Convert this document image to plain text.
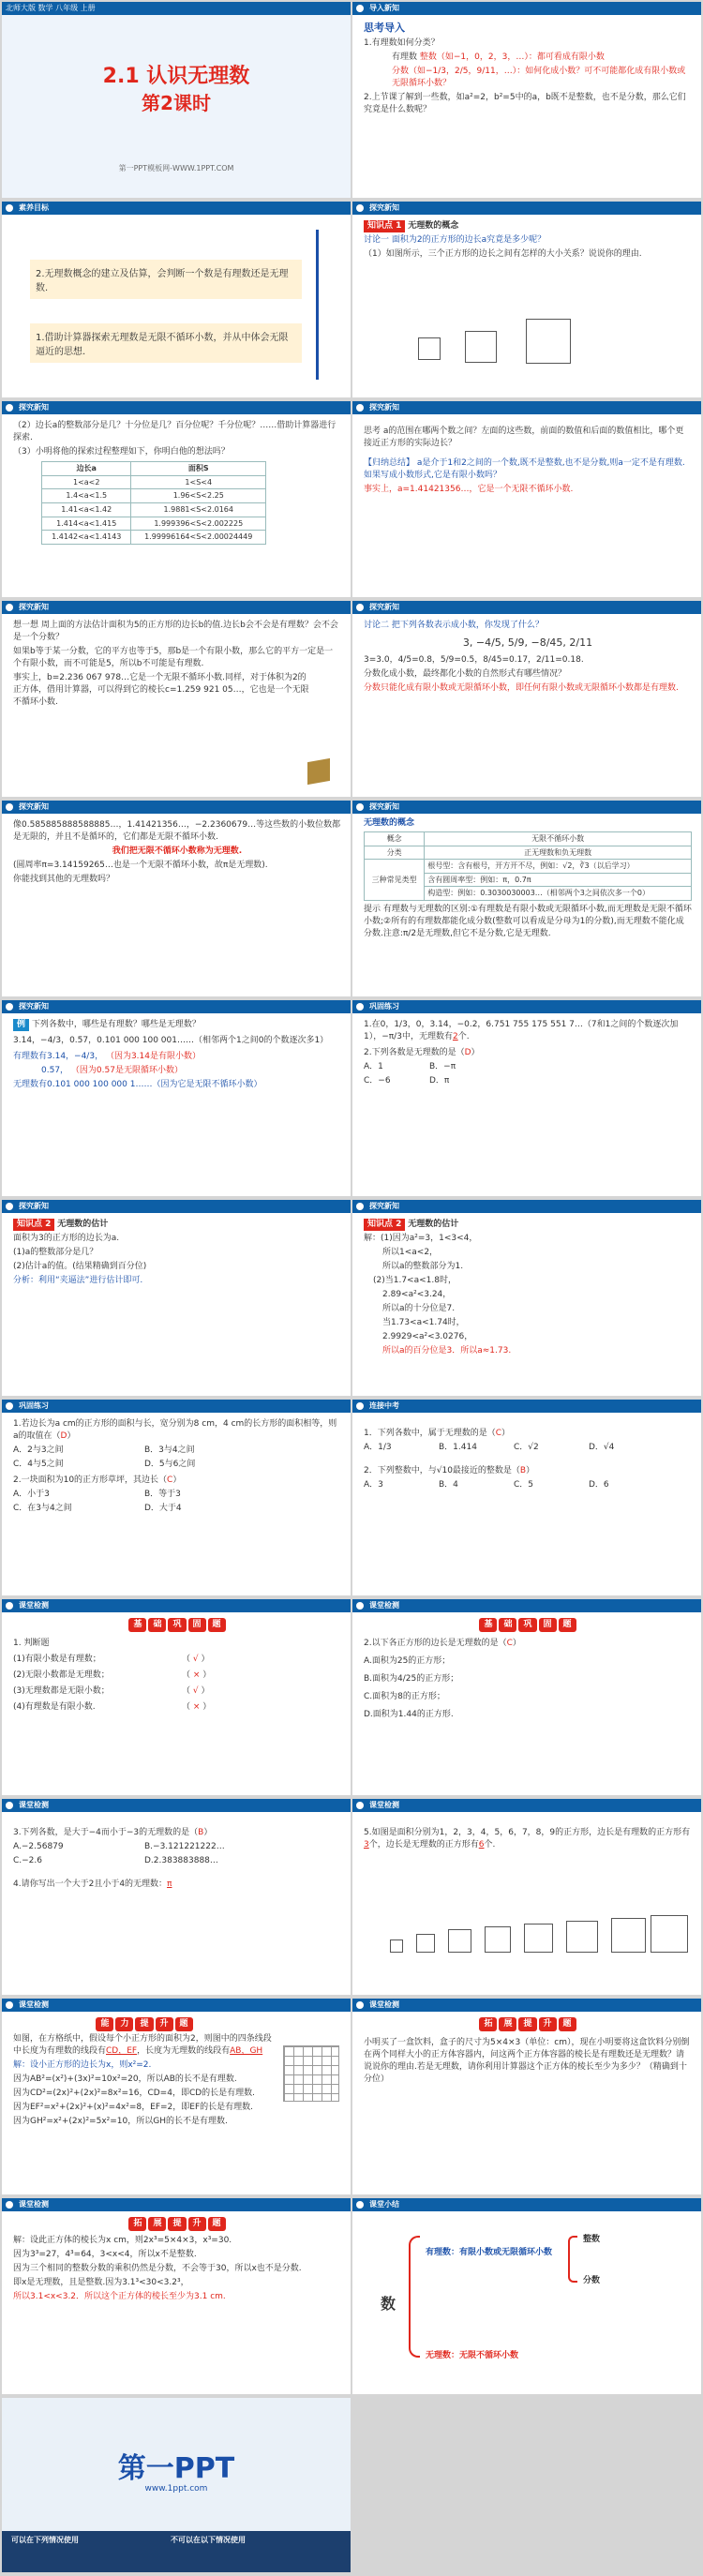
北师大版 数学 八年级 上册
2.1 认识无理数
第2课时
第一PPT模板网-WWW.1PPT.COM
导入新知

思考导入

1.有理数如何分类？

有理数 整数（如−1，0，2，3，…）：都可看成有限小数

分数（如−1/3，2/5，9/11，…）：如何化成小数？可不可能都化成有限小数或无限循环小数？

2.上节课了解到一些数，如a²=2，b²=5中的a，b既不是整数，也不是分数，那么它们究竟是什么数呢？

素养目标
2.无理数概念的建立及估算，会判断一个数是有理数还是无理数.
1.借助计算器探索无理数是无限不循环小数，并从中体会无限逼近的思想.
探究新知

知识点 1 无理数的概念

讨论一 面积为2的正方形的边长a究竟是多少呢？

（1）如图所示，三个正方形的边长之间有怎样的大小关系？说说你的理由.

探究新知

（2）边长a的整数部分是几？十分位是几？百分位呢？千分位呢？……借助计算器进行探索.

（3）小明将他的探索过程整理如下，你明白他的想法吗？

边长a	面积S
1<a<2	1<S<4
1.4<a<1.5	1.96<S<2.25
1.41<a<1.42	1.9881<S<2.0164
1.414<a<1.415	1.999396<S<2.002225
1.4142<a<1.4143	1.99996164<S<2.00024449
探究新知

思考 a的范围在哪两个数之间？左面的这些数，前面的数值和后面的数值相比，哪个更接近正方形的实际边长？

【归纳总结】 a是介于1和2之间的一个数,既不是整数,也不是分数,则a一定不是有理数.如果写成小数形式,它是有限小数吗？

事实上，a=1.41421356…，它是一个无限不循环小数.

探究新知

想一想 周上面的方法估计面积为5的正方形的边长b的值.边长b会不会是有理数？会不会是一个分数？

如果b等于某一分数，它的平方也等于5，那b是一个有限小数，那么它的平方一定是一个有限小数，而不可能是5，所以b不可能是有理数.

事实上，b=2.236 067 978…它是一个无限不循环小数.同样，对于体积为2的正方体，借用计算器，可以得到它的棱长c=1.259 921 05…，它也是一个无限不循环小数.

探究新知

讨论二 把下列各数表示成小数，你发现了什么？

3, −4/5, 5/9, −8/45, 2/11

3=3.0，4/5=0.8，5/9=0.5，8/45=0.17，2/11=0.18.

分数化成小数，最终都化小数的自然形式有哪些情况？

分数只能化成有限小数或无限循环小数，即任何有限小数或无限循环小数都是有理数.

探究新知

像0.585885888588885…，1.41421356…，−2.2360679…等这些数的小数位数都是无限的，并且不是循环的，它们都是无限不循环小数.

我们把无限不循环小数称为无理数.

(圆周率π=3.14159265…也是一个无限不循环小数，故π是无理数).

你能找到其他的无理数吗？

探究新知

无理数的概念

概念	无限不循环小数
分类	正无理数和负无理数
三种常见类型	根号型：含有根号，开方开不尽，例如：√2，∛3（以后学习）
	含有圆周率型：例如：π，0.7π
	构造型：例如：0.3030030003…（相邻两个3之间依次多一个0）

提示 有理数与无理数的区别:①有理数是有限小数或无限循环小数,而无理数是无限不循环小数;②所有的有理数都能化成分数(整数可以看成是分母为1的分数),而无理数不能化成分数.注意:π/2是无理数,但它不是分数,它是无理数.

探究新知

例 下列各数中，哪些是有理数？哪些是无理数？

3.14，−4/3，0.5̄7，0.101 000 100 001……（相邻两个1之间0的个数逐次多1）

有理数有3.14，−4/3， （因为3.14是有限小数）

0.5̄7， （因为0.57是无限循环小数）

无理数有0.101 000 100 000 1……（因为它是无限不循环小数）

巩固练习

1.在0，1/3，0，3.14，−0.2，6.751 755 175 551 7…（7和1之间的个数逐次加1），−π/3中，无理数有2个.

2.下列各数是无理数的是（D）

A．1	B．−π

C．−6	D．π

探究新知

知识点 2 无理数的估计

面积为3的正方形的边长为a.

(1)a的整数部分是几？

(2)估计a的值。(结果精确到百分位)

分析：利用“夹逼法”进行估计即可.

探究新知

知识点 2 无理数的估计

解：(1)因为a²=3，1<3<4，

所以1<a<2，

所以a的整数部分为1.

(2)当1.7<a<1.8时，

2.89<a²<3.24，

所以a的十分位是7.

当1.73<a<1.74时，

2.9929<a²<3.0276，

所以a的百分位是3．所以a≈1.73.

巩固练习

1.若边长为a cm的正方形的面积与长，宽分别为8 cm，4 cm的长方形的面积相等，则a的取值在（D）

A．2与3之间	B．3与4之间

C．4与5之间	D．5与6之间

2.一块面积为10的正方形草坪，其边长（C）

A．小于3	B．等于3

C．在3与4之间	D．大于4

连接中考

1．下列各数中，属于无理数的是（C）

A．1/3	B．1.414	C．√2	D．√4

2．下列整数中，与√10最接近的整数是（B）

A．3	B．4	C．5	D．6

课堂检测

基 础 巩 固 题

1. 判断题

(1)有限小数是有理数；	（ √ ）

(2)无限小数都是无理数；	（ × ）

(3)无理数都是无限小数；	（ √ ）

(4)有理数是有限小数.	（ × ）

课堂检测

基 础 巩 固 题

2.以下各正方形的边长是无理数的是（C）

A.面积为25的正方形；

B.面积为4/25的正方形；

C.面积为8的正方形；

D.面积为1.44的正方形.

课堂检测

3.下列各数，是大于−4而小于−3的无理数的是（B）

A.−2.56879	B.−3.121221222…

C.−2.6	D.2.383883888…

4.请你写出一个大于2且小于4的无理数：π

课堂检测

5.如图是面积分别为1，2，3，4，5，6，7，8，9的正方形，边长是有理数的正方形有3个，边长是无理数的正方形有6个.

课堂检测

能 力 提 升 题

如图，在方格纸中，假设每个小正方形的面积为2，则图中的四条线段中长度为有理数的线段有CD，EF，长度为无理数的线段有AB，GH

解：设小正方形的边长为x，则x²=2.

因为AB²=(x²)+(3x)²=10x²=20，所以AB的长不是有理数.

因为CD²=(2x)²+(2x)²=8x²=16，CD=4，即CD的长是有理数.

因为EF²=x²+(2x)²+(x)²=4x²=8，EF=2，即EF的长是有理数.

因为GH²=x²+(2x)²=5x²=10，所以GH的长不是有理数.

课堂检测

拓 展 提 升 题

小明买了一盒饮料，盒子的尺寸为5×4×3（单位：cm），现在小明要将这盒饮料分别倒在两个同样大小的正方体容器内，问这两个正方体容器的棱长是有理数还是无理数？请说说你的理由.若是无理数，请你利用计算器这个正方体的棱长至少为多少？（精确到十分位）

课堂检测

拓 展 提 升 题

解：设此正方体的棱长为x cm，则2x³=5×4×3，x³=30.

因为3³=27，4³=64，3<x<4，所以x不是整数.

因为三个相同的整数分数的乘积仍然是分数，不会等于30，所以x也不是分数.

即x是无理数，且是整数.因为3.1³<30<3.2³，

所以3.1<x<3.2．所以这个正方体的棱长至少为3.1 cm.

课堂小结
数
有理数：有限小数或无限循环小数
整数
分数
无理数：无限不循环小数
第一PPT
www.1ppt.com
可以在下列情况使用	不可以在以下情况使用
